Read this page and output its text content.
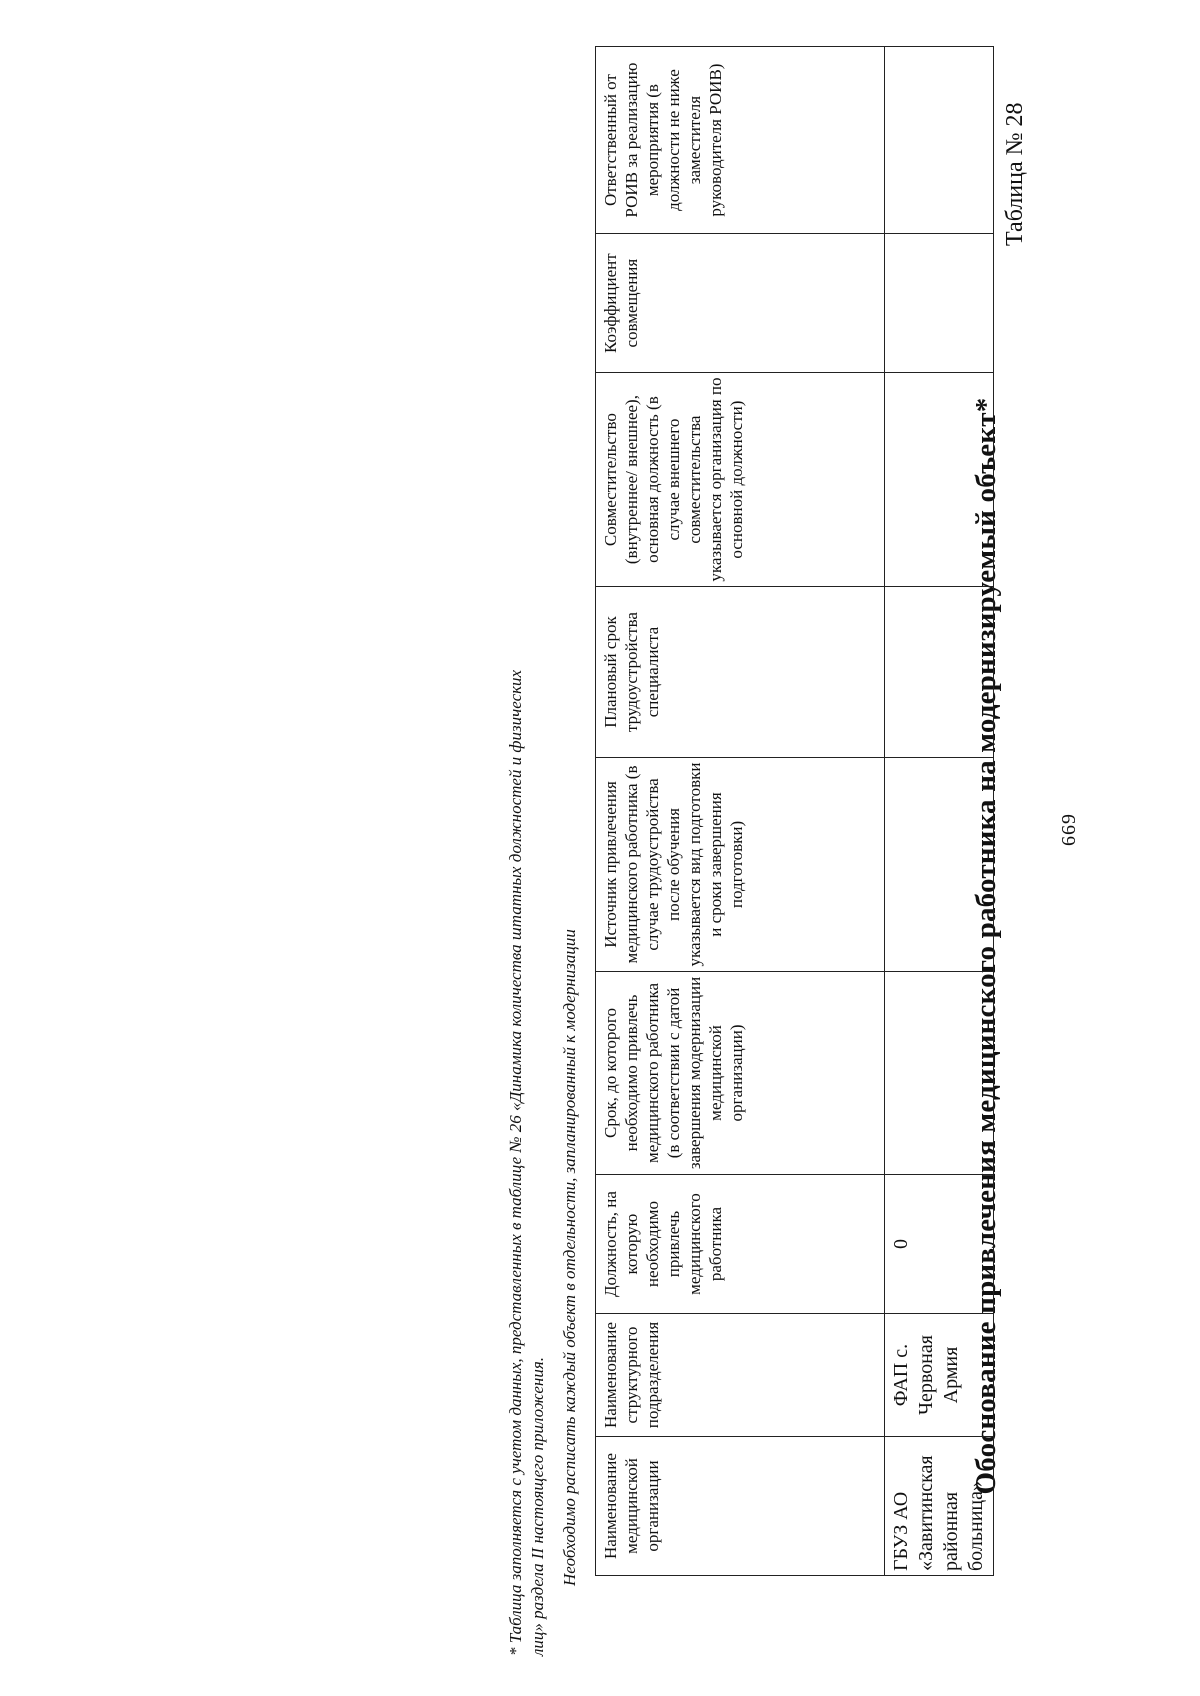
669
Таблица № 28
Обоснование привлечения медицинского работника на модернизируемый объект*
Наименование медицинской организации	Наименование структурного подразделения	Должность, на которую необходимо привлечь медицинского работника	Срок, до которого необходимо привлечь медицинского работника (в соответствии с датой завершения модернизации медицинской организации)	Источник привлечения медицинского работника (в случае трудоустройства после обучения указывается вид подготовки и сроки завершения подготовки)	Плановый срок трудоустройства специалиста	Совместительство (внутреннее/ внешнее), основная должность (в случае внешнего совместительства указывается организация по основной должности)	Коэффициент совмещения	Ответственный от РОИВ за реализацию мероприятия (в должности не ниже заместителя руководителя РОИВ)
ГБУЗ АО «Завитинская районная больница»	ФАП с. Червоная Армия	0						
Необходимо расписать каждый объект в отдельности, запланированный к модернизации
* Таблица заполняется с учетом данных, представленных в таблице № 26 «Динамика количества штатных должностей и физических лиц» раздела II настоящего приложения.
